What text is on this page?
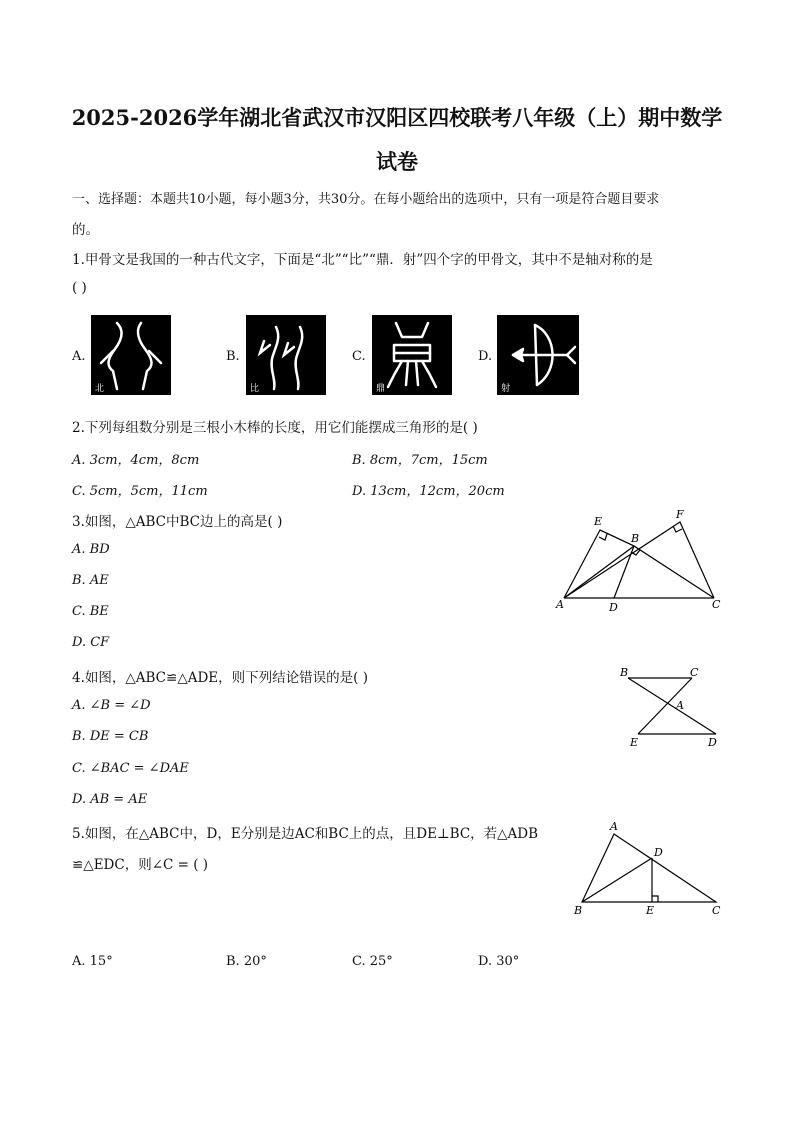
2025-2026学年湖北省武汉市汉阳区四校联考八年级（上）期中数学
试卷
一、选择题：本题共10小题，每小题3分，共30分。在每小题给出的选项中，只有一项是符合题目要求
的。
1.甲骨文是我国的一种古代文字，下面是“北”“比”“鼎．射”四个字的甲骨文，其中不是轴对称的是
( )
A.
北
B.
比
C.
鼎
D.
射
2.下列每组数分别是三根小木棒的长度，用它们能摆成三角形的是( )
A. 3cm，4cm，8cm	B. 8cm，7cm，15cm
C. 5cm，5cm，11cm	D. 13cm，12cm，20cm
3.如图，△ABC中BC边上的高是( )
A. BD
B. AE
C. BE
D. CF
E
F
B
A	D	C
4.如图，△ABC≌△ADE，则下列结论错误的是( )
A. ∠B = ∠D
B. DE = CB
C. ∠BAC = ∠DAE
D. AB = AE
B	C
A
E	D
5.如图，在△ABC中，D，E分别是边AC和BC上的点，且DE⊥BC，若△ADB
≌△EDC，则∠C = ( )
A
D
B	E	C
A. 15°	B. 20°	C. 25°	D. 30°
